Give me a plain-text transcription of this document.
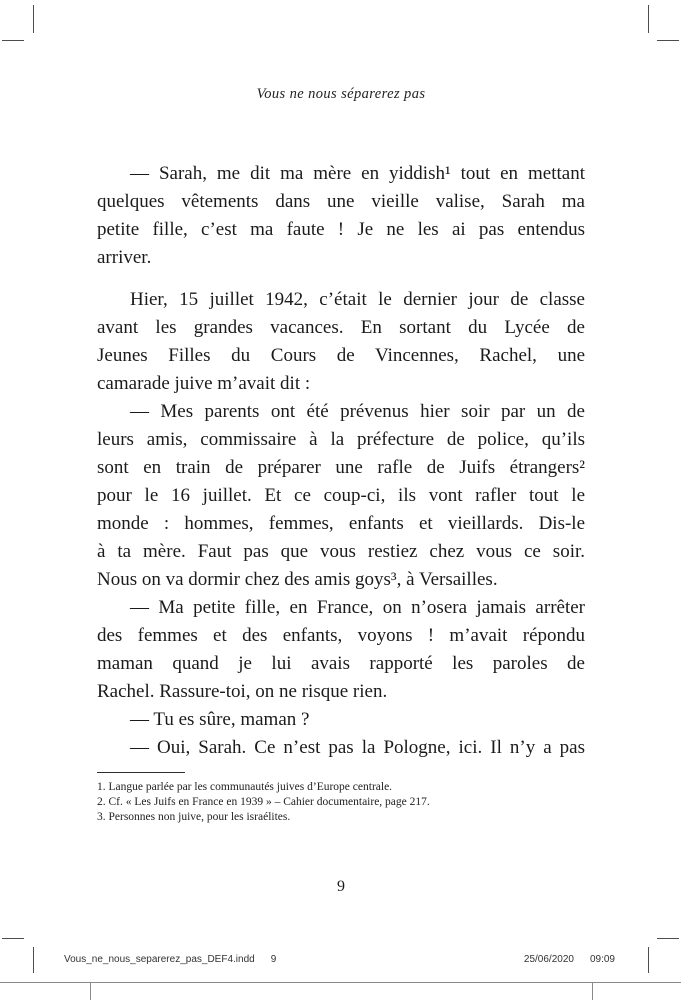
Vous ne nous séparerez pas

— Sarah, me dit ma mère en yiddish¹ tout en mettant
quelques vêtements dans une vieille valise, Sarah ma
petite fille, c’est ma faute ! Je ne les ai pas entendus
arriver.

Hier, 15 juillet 1942, c’était le dernier jour de classe
avant les grandes vacances. En sortant du Lycée de
Jeunes Filles du Cours de Vincennes, Rachel, une
camarade juive m’avait dit :

— Mes parents ont été prévenus hier soir par un de
leurs amis, commissaire à la préfecture de police, qu’ils
sont en train de préparer une rafle de Juifs étrangers²
pour le 16 juillet. Et ce coup-ci, ils vont rafler tout le
monde : hommes, femmes, enfants et vieillards. Dis-le
à ta mère. Faut pas que vous restiez chez vous ce soir.
Nous on va dormir chez des amis goys³, à Versailles.

— Ma petite fille, en France, on n’osera jamais arrêter
des femmes et des enfants, voyons ! m’avait répondu
maman quand je lui avais rapporté les paroles de
Rachel. Rassure-toi, on ne risque rien.

— Tu es sûre, maman ?

— Oui, Sarah. Ce n’est pas la Pologne, ici. Il n’y a pas

1. Langue parlée par les communautés juives d’Europe centrale.
2. Cf. « Les Juifs en France en 1939 » – Cahier documentaire, page 217.
3. Personnes non juive, pour les israélites.
9
Vous_ne_nous_separerez_pas_DEF4.indd 9	25/06/2020 09:09
